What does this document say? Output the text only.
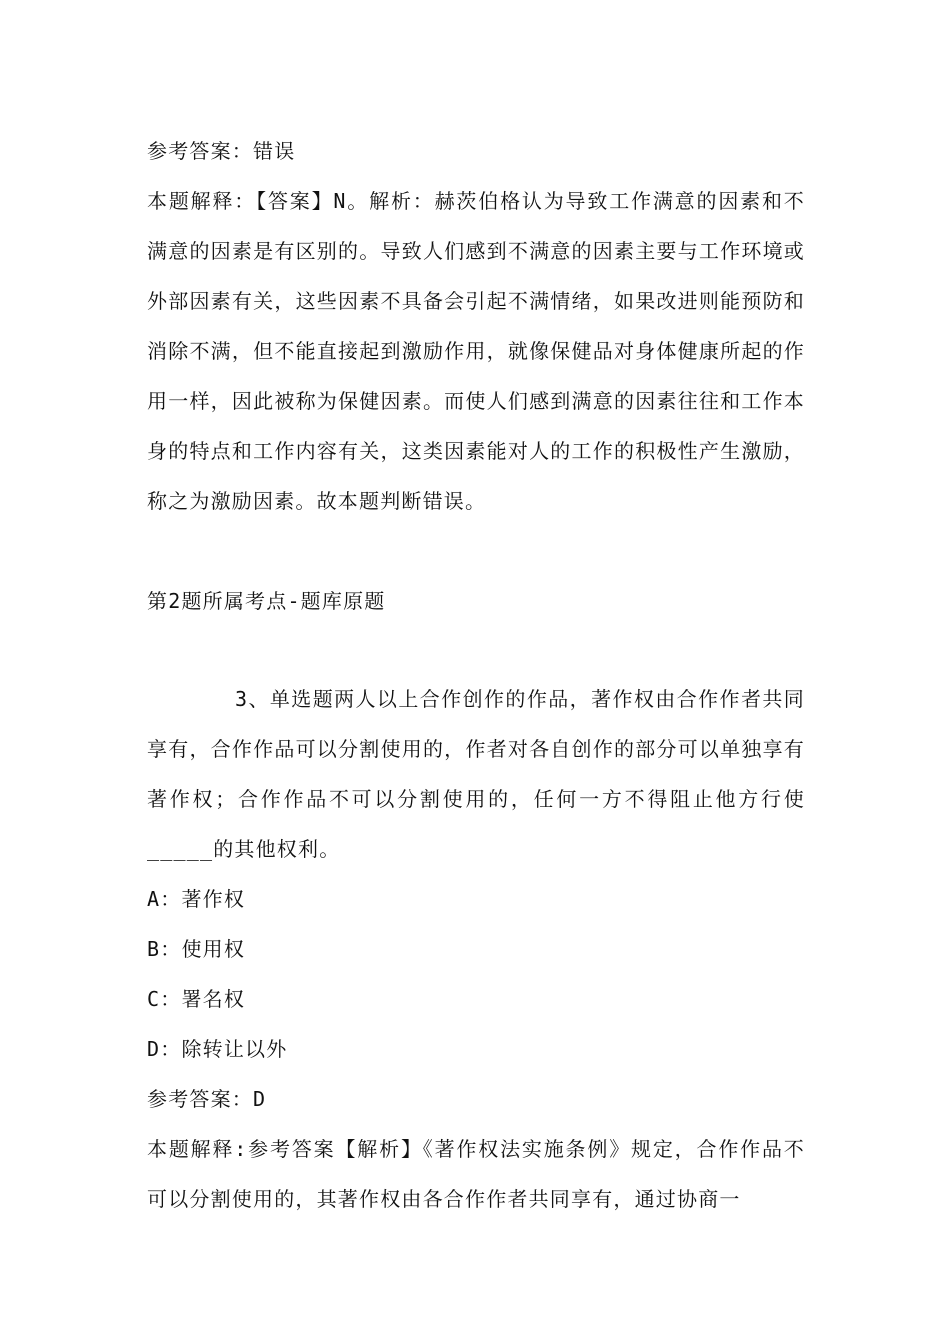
参考答案：错误

本题解释：【答案】N。解析：赫茨伯格认为导致工作满意的因素和不满意的因素是有区别的。导致人们感到不满意的因素主要与工作环境或外部因素有关，这些因素不具备会引起不满情绪，如果改进则能预防和消除不满，但不能直接起到激励作用，就像保健品对身体健康所起的作用一样，因此被称为保健因素。而使人们感到满意的因素往往和工作本身的特点和工作内容有关，这类因素能对人的工作的积极性产生激励，称之为激励因素。故本题判断错误。

第2题所属考点-题库原题

3、单选题两人以上合作创作的作品，著作权由合作作者共同享有，合作作品可以分割使用的，作者对各自创作的部分可以单独享有著作权；合作作品不可以分割使用的，任何一方不得阻止他方行使_____的其他权利。

A：著作权

B：使用权

C：署名权

D：除转让以外

参考答案：D

本题解释:参考答案【解析】《著作权法实施条例》规定，合作作品不可以分割使用的，其著作权由各合作作者共同享有，通过协商一
